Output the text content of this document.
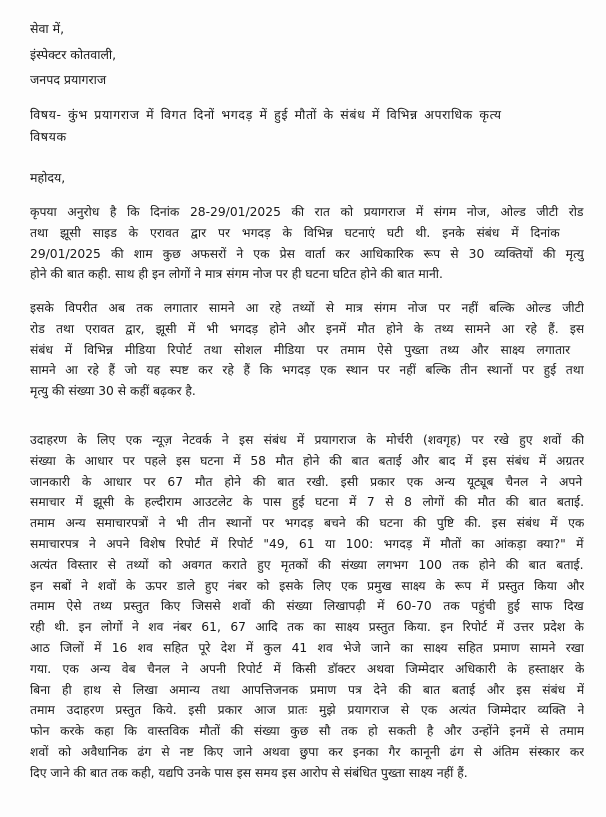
सेवा में,
इंस्पेक्टर कोतवाली,
जनपद प्रयागराज
विषय- कुंभ प्रयागराज में विगत दिनों भगदड़ में हुई मौतों के संबंध में विभिन्न अपराधिक कृत्य
विषयक
महोदय,
कृपया अनुरोध है कि दिनांक 28-29/01/2025 की रात को प्रयागराज में संगम नोज, ओल्ड जीटी रोड
तथा झूसी साइड के एरावत द्वार पर भगदड़ के विभिन्न घटनाएं घटी थी. इनके संबंध में दिनांक
29/01/2025 की शाम कुछ अफसरों ने एक प्रेस वार्ता कर आधिकारिक रूप से 30 व्यक्तियों की मृत्यु
होने की बात कही. साथ ही इन लोगों ने मात्र संगम नोज पर ही घटना घटित होने की बात मानी.
इसके विपरीत अब तक लगातार सामने आ रहे तथ्यों से मात्र संगम नोज पर नहीं बल्कि ओल्ड जीटी
रोड तथा एरावत द्वार, झूसी में भी भगदड़ होने और इनमें मौत होने के तथ्य सामने आ रहे हैं. इस
संबंध में विभिन्न मीडिया रिपोर्ट तथा सोशल मीडिया पर तमाम ऐसे पुख्ता तथ्य और साक्ष्य लगातार
सामने आ रहे हैं जो यह स्पष्ट कर रहे हैं कि भगदड़ एक स्थान पर नहीं बल्कि तीन स्थानों पर हुई तथा
मृत्यु की संख्या 30 से कहीं बढ़कर है.
उदाहरण के लिए एक न्यूज़ नेटवर्क ने इस संबंध में प्रयागराज के मोर्चरी (शवगृह) पर रखे हुए शवों की
संख्या के आधार पर पहले इस घटना में 58 मौत होने की बात बताई और बाद में इस संबंध में अग्रतर
जानकारी के आधार पर 67 मौत होने की बात रखी. इसी प्रकार एक अन्य यूट्यूब चैनल ने अपने
समाचार में झूसी के हल्दीराम आउटलेट के पास हुई घटना में 7 से 8 लोगों की मौत की बात बताई.
तमाम अन्य समाचारपत्रों ने भी तीन स्थानों पर भगदड़ बचने की घटना की पुष्टि की. इस संबंध में एक
समाचारपत्र ने अपने विशेष रिपोर्ट में रिपोर्ट "49, 61 या 100: भगदड़ में मौतों का आंकड़ा क्या?" में
अत्यंत विस्तार से तथ्यों को अवगत कराते हुए मृतकों की संख्या लगभग 100 तक होने की बात बताई.
इन सबों ने शवों के ऊपर डाले हुए नंबर को इसके लिए एक प्रमुख साक्ष्य के रूप में प्रस्तुत किया और
तमाम ऐसे तथ्य प्रस्तुत किए जिससे शवों की संख्या लिखापढ़ी में 60-70 तक पहुंची हुई साफ दिख
रही थी. इन लोगों ने शव नंबर 61, 67 आदि तक का साक्ष्य प्रस्तुत किया. इन रिपोर्ट में उत्तर प्रदेश के
आठ जिलों में 16 शव सहित पूरे देश में कुल 41 शव भेजे जाने का साक्ष्य सहित प्रमाण सामने रखा
गया. एक अन्य वेब चैनल ने अपनी रिपोर्ट में किसी डॉक्टर अथवा जिम्मेदार अधिकारी के हस्ताक्षर के
बिना ही हाथ से लिखा अमान्य तथा आपत्तिजनक प्रमाण पत्र देने की बात बताई और इस संबंध में
तमाम उदाहरण प्रस्तुत किये. इसी प्रकार आज प्रातः मुझे प्रयागराज से एक अत्यंत जिम्मेदार व्यक्ति ने
फोन करके कहा कि वास्तविक मौतों की संख्या कुछ सौ तक हो सकती है और उन्होंने इनमें से तमाम
शवों को अवैधानिक ढंग से नष्ट किए जाने अथवा छुपा कर इनका गैर कानूनी ढंग से अंतिम संस्कार कर
दिए जाने की बात तक कही, यद्यपि उनके पास इस समय इस आरोप से संबंधित पुख्ता साक्ष्य नहीं हैं.
